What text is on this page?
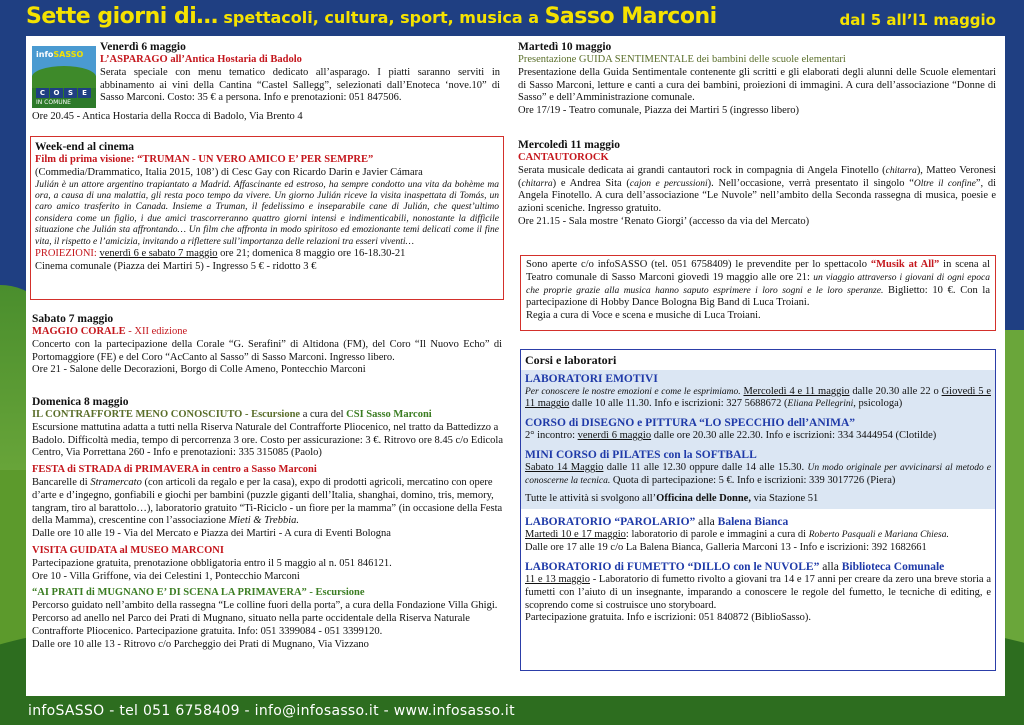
Sette giorni di… spettacoli, cultura, sport, musica a Sasso Marconi	dal 5 all’l1 maggio
infoSASSO
C	O	S	E
IN COMUNE

Venerdì 6 maggio

L’ASPARAGO all’Antica Hostaria di Badolo

Serata speciale con menu tematico dedicato all’asparago. I piatti saranno serviti in abbinamento ai vini della Cantina “Castel Sallegg”, selezionati dall’Enoteca ‘nove.10” di Sasso Marconi. Costo: 35 € a persona. Info e prenotazioni: 051 847506.

Ore 20.45 - Antica Hostaria della Rocca di Badolo, Via Brento 4

Week-end al cinema

Film di prima visione: “TRUMAN - UN VERO AMICO E’ PER SEMPRE”

(Commedia/Drammatico, Italia 2015, 108’) di Cesc Gay con Ricardo Darin e Javier Cámara

Julián è un attore argentino trapiantato a Madrid. Affascinante ed estroso, ha sempre condotto una vita da bohème ma ora, a causa di una malattia, gli resta poco tempo da vivere. Un giorno Julián riceve la visita inaspettata di Tomás, un caro amico trasferito in Canada. Insieme a Truman, il fedelissimo e inseparabile cane di Julián, che quest’ultimo considera come un figlio, i due amici trascorreranno quattro giorni intensi e indimenticabili, nonostante la difficile situazione che Julián sta affrontando… Un film che affronta in modo spiritoso ed emozionante temi delicati come il fine vita, il rispetto e l’amicizia, invitando a riflettere sull’importanza delle relazioni tra esseri viventi…

PROIEZIONI: venerdì 6 e sabato 7 maggio ore 21; domenica 8 maggio ore 16-18.30-21

Cinema comunale (Piazza dei Martiri 5) - Ingresso 5 € - ridotto 3 €

Sabato 7 maggio

MAGGIO CORALE - XII edizione

Concerto con la partecipazione della Corale “G. Serafini” di Altidona (FM), del Coro “Il Nuovo Echo” di Portomaggiore (FE) e del Coro “AcCanto al Sasso” di Sasso Marconi. Ingresso libero.

Ore 21 - Salone delle Decorazioni, Borgo di Colle Ameno, Pontecchio Marconi

Domenica 8 maggio

IL CONTRAFFORTE MENO CONOSCIUTO - Escursione a cura del CSI Sasso Marconi

Escursione mattutina adatta a tutti nella Riserva Naturale del Contrafforte Pliocenico, nel tratto da Battedizzo a Badolo. Difficoltà media, tempo di percorrenza 3 ore. Costo per assicurazione: 3 €. Ritrovo ore 8.45 c/o Edicola Centro, Via Porrettana 260 - Info e prenotazioni: 335 315085 (Paolo)

FESTA di STRADA di PRIMAVERA in centro a Sasso Marconi

Bancarelle di Stramercato (con articoli da regalo e per la casa), expo di prodotti agricoli, mercatino con opere d’arte e d’ingegno, gonfiabili e giochi per bambini (puzzle giganti dell’Italia, shanghai, domino, tris, memory, tangram, tiro al barattolo…), laboratorio gratuito “Ti-Riciclo - un fiore per la mamma” (in occasione della Festa della Mamma), crescentine con l’associazione Mieti & Trebbia.

Dalle ore 10 alle 19 - Via del Mercato e Piazza dei Martiri - A cura di Eventi Bologna

VISITA GUIDATA al MUSEO MARCONI

Partecipazione gratuita, prenotazione obbligatoria entro il 5 maggio al n. 051 846121.

Ore 10 - Villa Griffone, via dei Celestini 1, Pontecchio Marconi

“AI PRATI di MUGNANO E’ DI SCENA LA PRIMAVERA” - Escursione

Percorso guidato nell’ambito della rassegna “Le colline fuori della porta”, a cura della Fondazione Villa Ghigi. Percorso ad anello nel Parco dei Prati di Mugnano, situato nella parte occidentale della Riserva Naturale Contrafforte Pliocenico. Partecipazione gratuita. Info: 051 3399084 - 051 3399120.

Dalle ore 10 alle 13 - Ritrovo c/o Parcheggio dei Prati di Mugnano, Via Vizzano

Martedì 10 maggio

Presentazione GUIDA SENTIMENTALE dei bambini delle scuole elementari

Presentazione della Guida Sentimentale contenente gli scritti e gli elaborati degli alunni delle Scuole elementari di Sasso Marconi, letture e canti a cura dei bambini, proiezioni di immagini. A cura dell’associazione “Donne di Sasso” e dell’Amministrazione comunale.

Ore 17/19 - Teatro comunale, Piazza dei Martiri 5 (ingresso libero)

Mercoledì 11 maggio

CANTAUTOROCK

Serata musicale dedicata ai grandi cantautori rock in compagnia di Angela Finotello (chitarra), Matteo Veronesi (chitarra) e Andrea Sita (cajon e percussioni). Nell’occasione, verrà presentato il singolo “Oltre il confine”, di Angela Finotello. A cura dell’associazione “Le Nuvole” nell’ambito della Seconda rassegna di musica, poesie e azioni sceniche. Ingresso gratuito.

Ore 21.15 - Sala mostre ‘Renato Giorgi’ (accesso da via del Mercato)

Sono aperte c/o infoSASSO (tel. 051 6758409) le prevendite per lo spettacolo “Musik at All” in scena al Teatro comunale di Sasso Marconi giovedì 19 maggio alle ore 21: un viaggio attraverso i giovani di ogni epoca che proprie grazie alla musica hanno saputo esprimere i loro sogni e le loro speranze. Biglietto: 10 €. Con la partecipazione di Hobby Dance Bologna Big Band di Luca Troiani.

Regia a cura di Voce e scena e musiche di Luca Troiani.

Corsi e laboratori

LABORATORI EMOTIVI

Per conoscere le nostre emozioni e come le esprimiamo. Mercoledì 4 e 11 maggio dalle 20.30 alle 22 o Giovedì 5 e 11 maggio dalle 10 alle 11.30. Info e iscrizioni: 327 5688672 (Eliana Pellegrini, psicologa)

CORSO di DISEGNO e PITTURA “LO SPECCHIO dell’ANIMA”

2° incontro: venerdì 6 maggio dalle ore 20.30 alle 22.30. Info e iscrizioni: 334 3444954 (Clotilde)

MINI CORSO di PILATES con la SOFTBALL

Sabato 14 Maggio dalle 11 alle 12.30 oppure dalle 14 alle 15.30. Un modo originale per avvicinarsi al metodo e conoscerne la tecnica. Quota di partecipazione: 5 €. Info e iscrizioni: 339 3017726 (Piera)

Tutte le attività si svolgono all’Officina delle Donne, via Stazione 51

LABORATORIO “PAROLARIO” alla Balena Bianca

Martedì 10 e 17 maggio: laboratorio di parole e immagini a cura di Roberto Pasquali e Mariana Chiesa.

Dalle ore 17 alle 19 c/o La Balena Bianca, Galleria Marconi 13 - Info e iscrizioni: 392 1682661

LABORATORIO di FUMETTO “DILLO con le NUVOLE” alla Biblioteca Comunale

11 e 13 maggio - Laboratorio di fumetto rivolto a giovani tra 14 e 17 anni per creare da zero una breve storia a fumetti con l’aiuto di un insegnante, imparando a conoscere le regole del fumetto, le tecniche di editing, e scoprendo come si costruisce uno storyboard.

Partecipazione gratuita. Info e iscrizioni: 051 840872 (BiblioSasso).

infoSASSO - tel 051 6758409 - info@infosasso.it - www.infosasso.it
